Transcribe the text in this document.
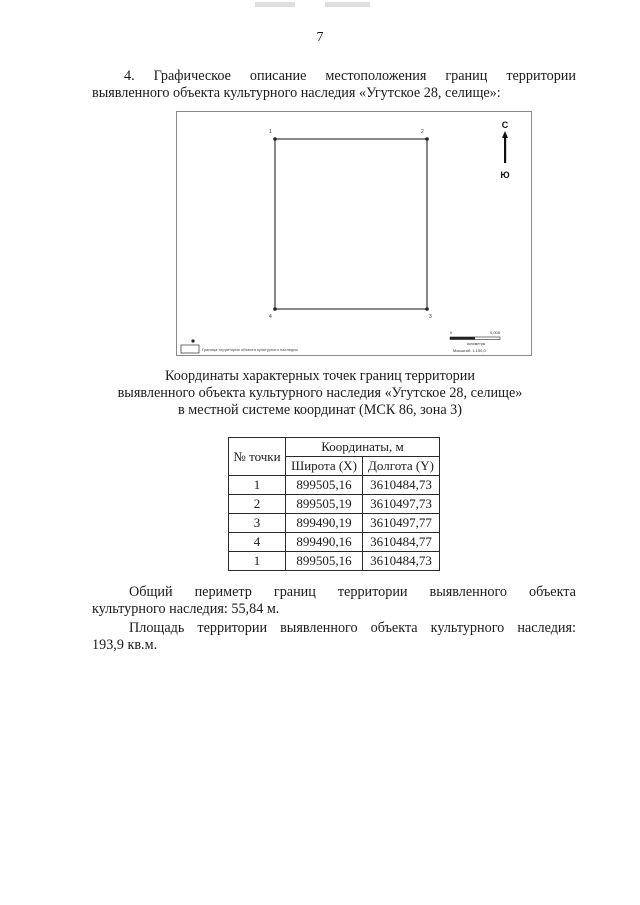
7
4. Графическое описание местоположения границ территории
выявленного объекта культурного наследия «Угутское 28, селище»:
1	2
3
4
С
Ю
Граница территории объекта культурного наследия
0	0,005
километры
Масштаб: 1:150,0
Координаты характерных точек границ территории
выявленного объекта культурного наследия «Угутское 28, селище»
в местной системе координат (МСК 86, зона 3)
№ точки	Координаты, м	
	Широта (X)	Долгота (Y)
1	899505,16	3610484,73
2	899505,19	3610497,73
3	899490,19	3610497,77
4	899490,16	3610484,77
1	899505,16	3610484,73
Общий периметр границ территории выявленного объекта
культурного наследия: 55,84 м.
Площадь территории выявленного объекта культурного наследия:
193,9 кв.м.
